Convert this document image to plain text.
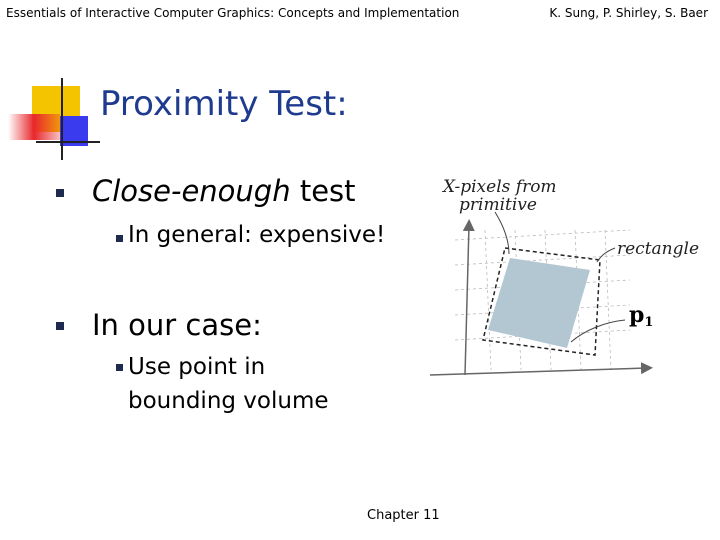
Essentials of Interactive Computer Graphics: Concepts and Implementation	K. Sung, P. Shirley, S. Baer
Proximity Test:
Close-enough test
In general: expensive!
In our case:
Use point in bounding volume
X-pixels from
primitive
rectangle
p1
Chapter 11
